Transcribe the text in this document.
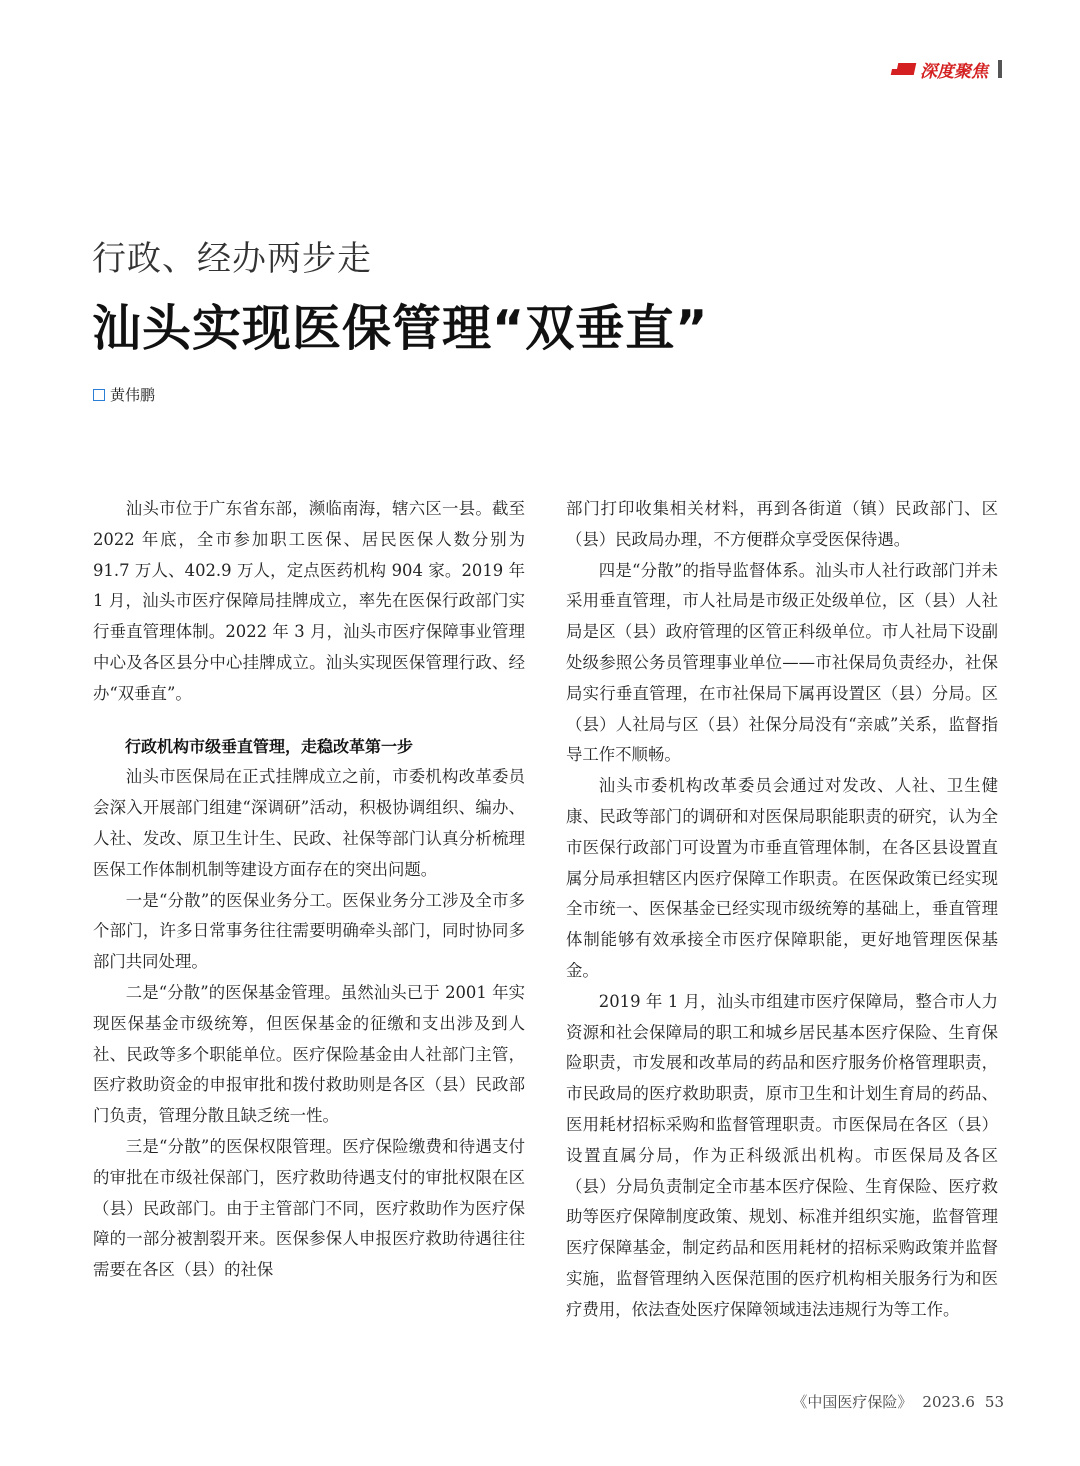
深度聚焦
行政、经办两步走
汕头实现医保管理“双垂直”
黄伟鹏

汕头市位于广东省东部，濒临南海，辖六区一县。截至 2022 年底，全市参加职工医保、居民医保人数分别为 91.7 万人、402.9 万人，定点医药机构 904 家。2019 年 1 月，汕头市医疗保障局挂牌成立，率先在医保行政部门实行垂直管理体制。2022 年 3 月，汕头市医疗保障事业管理中心及各区县分中心挂牌成立。汕头实现医保管理行政、经办“双垂直”。

行政机构市级垂直管理，走稳改革第一步

汕头市医保局在正式挂牌成立之前，市委机构改革委员会深入开展部门组建“深调研”活动，积极协调组织、编办、人社、发改、原卫生计生、民政、社保等部门认真分析梳理医保工作体制机制等建设方面存在的突出问题。

一是“分散”的医保业务分工。医保业务分工涉及全市多个部门，许多日常事务往往需要明确牵头部门，同时协同多部门共同处理。

二是“分散”的医保基金管理。虽然汕头已于 2001 年实现医保基金市级统筹，但医保基金的征缴和支出涉及到人社、民政等多个职能单位。医疗保险基金由人社部门主管，医疗救助资金的申报审批和拨付救助则是各区（县）民政部门负责，管理分散且缺乏统一性。

三是“分散”的医保权限管理。医疗保险缴费和待遇支付的审批在市级社保部门，医疗救助待遇支付的审批权限在区（县）民政部门。由于主管部门不同，医疗救助作为医疗保障的一部分被割裂开来。医保参保人申报医疗救助待遇往往需要在各区（县）的社保

部门打印收集相关材料，再到各街道（镇）民政部门、区（县）民政局办理，不方便群众享受医保待遇。

四是“分散”的指导监督体系。汕头市人社行政部门并未采用垂直管理，市人社局是市级正处级单位，区（县）人社局是区（县）政府管理的区管正科级单位。市人社局下设副处级参照公务员管理事业单位——市社保局负责经办，社保局实行垂直管理，在市社保局下属再设置区（县）分局。区（县）人社局与区（县）社保分局没有“亲戚”关系，监督指导工作不顺畅。

汕头市委机构改革委员会通过对发改、人社、卫生健康、民政等部门的调研和对医保局职能职责的研究，认为全市医保行政部门可设置为市垂直管理体制，在各区县设置直属分局承担辖区内医疗保障工作职责。在医保政策已经实现全市统一、医保基金已经实现市级统筹的基础上，垂直管理体制能够有效承接全市医疗保障职能，更好地管理医保基金。

2019 年 1 月，汕头市组建市医疗保障局，整合市人力资源和社会保障局的职工和城乡居民基本医疗保险、生育保险职责，市发展和改革局的药品和医疗服务价格管理职责，市民政局的医疗救助职责，原市卫生和计划生育局的药品、医用耗材招标采购和监督管理职责。市医保局在各区（县）设置直属分局，作为正科级派出机构。市医保局及各区（县）分局负责制定全市基本医疗保险、生育保险、医疗救助等医疗保障制度政策、规划、标准并组织实施，监督管理医疗保障基金，制定药品和医用耗材的招标采购政策并监督实施，监督管理纳入医保范围的医疗机构相关服务行为和医疗费用，依法查处医疗保障领域违法违规行为等工作。

《中国医疗保险》 2023.6 53
